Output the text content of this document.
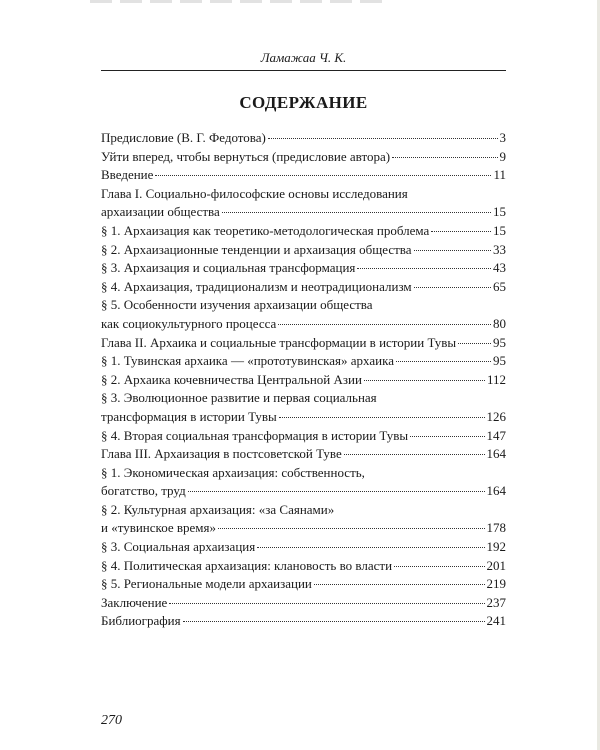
Ламажаа Ч. К.
СОДЕРЖАНИЕ
Предисловие (В. Г. Федотова)	3
Уйти вперед, чтобы вернуться (предисловие автора)	9
Введение	11
Глава I. Социально-философские основы исследования
архаизации общества	15
§ 1. Архаизация как теоретико-методологическая проблема	15
§ 2. Архаизационные тенденции и архаизация общества	33
§ 3. Архаизация и социальная трансформация	43
§ 4. Архаизация, традиционализм и неотрадиционализм	65
§ 5. Особенности изучения архаизации общества
как социокультурного процесса	80
Глава II. Архаика и социальные трансформации в истории Тувы	95
§ 1. Тувинская архаика — «прототувинская» архаика	95
§ 2. Архаика кочевничества Центральной Азии	112
§ 3. Эволюционное развитие и первая социальная
трансформация в истории Тувы	126
§ 4. Вторая социальная трансформация в истории Тувы	147
Глава III. Архаизация в постсоветской Туве	164
§ 1. Экономическая архаизация: собственность,
богатство, труд	164
§ 2. Культурная архаизация: «за Саянами»
и «тувинское время»	178
§ 3. Социальная архаизация	192
§ 4. Политическая архаизация: клановость во власти	201
§ 5. Региональные модели архаизации	219
Заключение	237
Библиография	241
270
